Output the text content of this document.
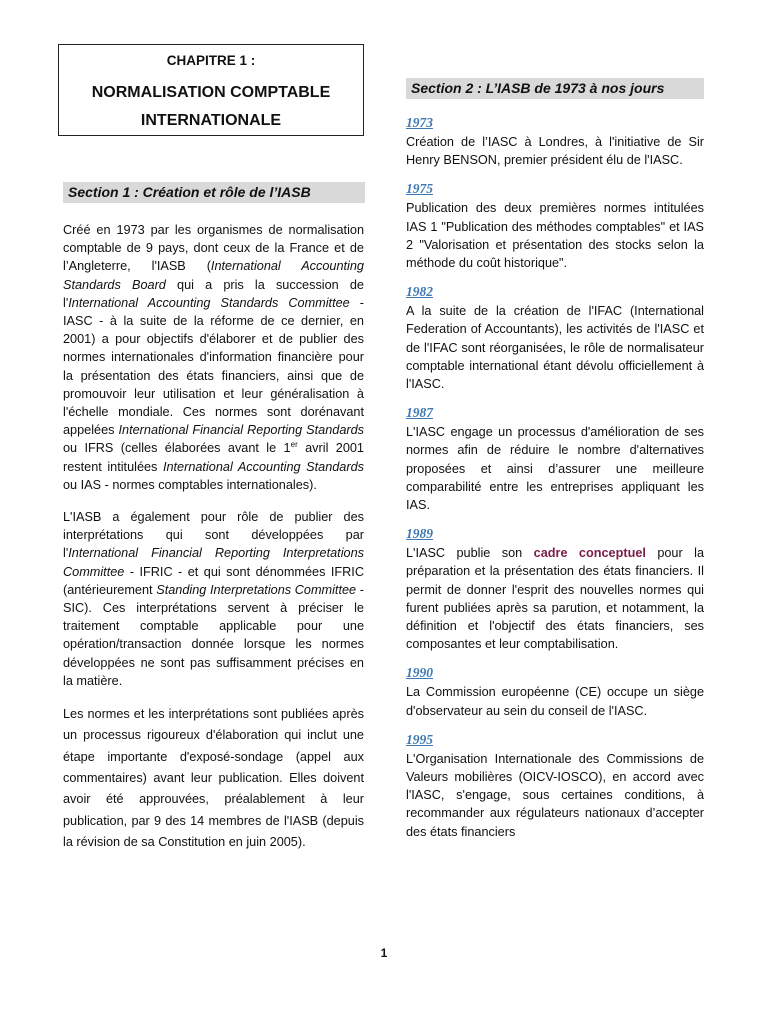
CHAPITRE 1 :
NORMALISATION COMPTABLE
INTERNATIONALE
Section 1 : Création et rôle de l’IASB

Créé en 1973 par les organismes de normalisation comptable de 9 pays, dont ceux de la France et de l’Angleterre, l'IASB (International Accounting Standards Board qui a pris la succession de l'International Accounting Standards Committee - IASC - à la suite de la réforme de ce dernier, en 2001) a pour objectifs d'élaborer et de publier des normes internationales d'information financière pour la présentation des états financiers, ainsi que de promouvoir leur utilisation et leur généralisation à l'échelle mondiale. Ces normes sont dorénavant appelées International Financial Reporting Standards ou IFRS (celles élaborées avant le 1er avril 2001 restent intitulées International Accounting Standards ou IAS - normes comptables internationales).

L'IASB a également pour rôle de publier des interprétations qui sont développées par l'International Financial Reporting Interpretations Committee - IFRIC - et qui sont dénommées IFRIC (antérieurement Standing Interpretations Committee - SIC). Ces interprétations servent à préciser le traitement comptable applicable pour une opération/transaction donnée lorsque les normes développées ne sont pas suffisamment précises en la matière.

Les normes et les interprétations sont publiées après un processus rigoureux d'élaboration qui inclut une étape importante d'exposé-sondage (appel aux commentaires) avant leur publication. Elles doivent avoir été approuvées, préalablement à leur publication, par 9 des 14 membres de l'IASB (depuis la révision de sa Constitution en juin 2005).

Section 2 : L’IASB de 1973 à nos jours
1973

Création de l’IASC à Londres, à l'initiative de Sir Henry BENSON, premier président élu de l'IASC.

1975

Publication des deux premières normes intitulées IAS 1 "Publication des méthodes comptables" et IAS 2 "Valorisation et présentation des stocks selon la méthode du coût historique".

1982

A la suite de la création de l'IFAC (International Federation of Accountants), les activités de l'IASC et de l'IFAC sont réorganisées, le rôle de normalisateur comptable international étant dévolu officiellement à l'IASC.

1987

L'IASC engage un processus d'amélioration de ses normes afin de réduire le nombre d'alternatives proposées et ainsi d’assurer une meilleure comparabilité entre les entreprises appliquant les IAS.

1989

L'IASC publie son cadre conceptuel pour la préparation et la présentation des états financiers. Il permit de donner l'esprit des nouvelles normes qui furent publiées après sa parution, et notamment, la définition et l'objectif des états financiers, ses composantes et leur comptabilisation.

1990

La Commission européenne (CE) occupe un siège d'observateur au sein du conseil de l'IASC.

1995

L'Organisation Internationale des Commissions de Valeurs mobilières (OICV-IOSCO), en accord avec l'IASC, s'engage, sous certaines conditions, à recommander aux régulateurs nationaux d’accepter des états financiers

1
